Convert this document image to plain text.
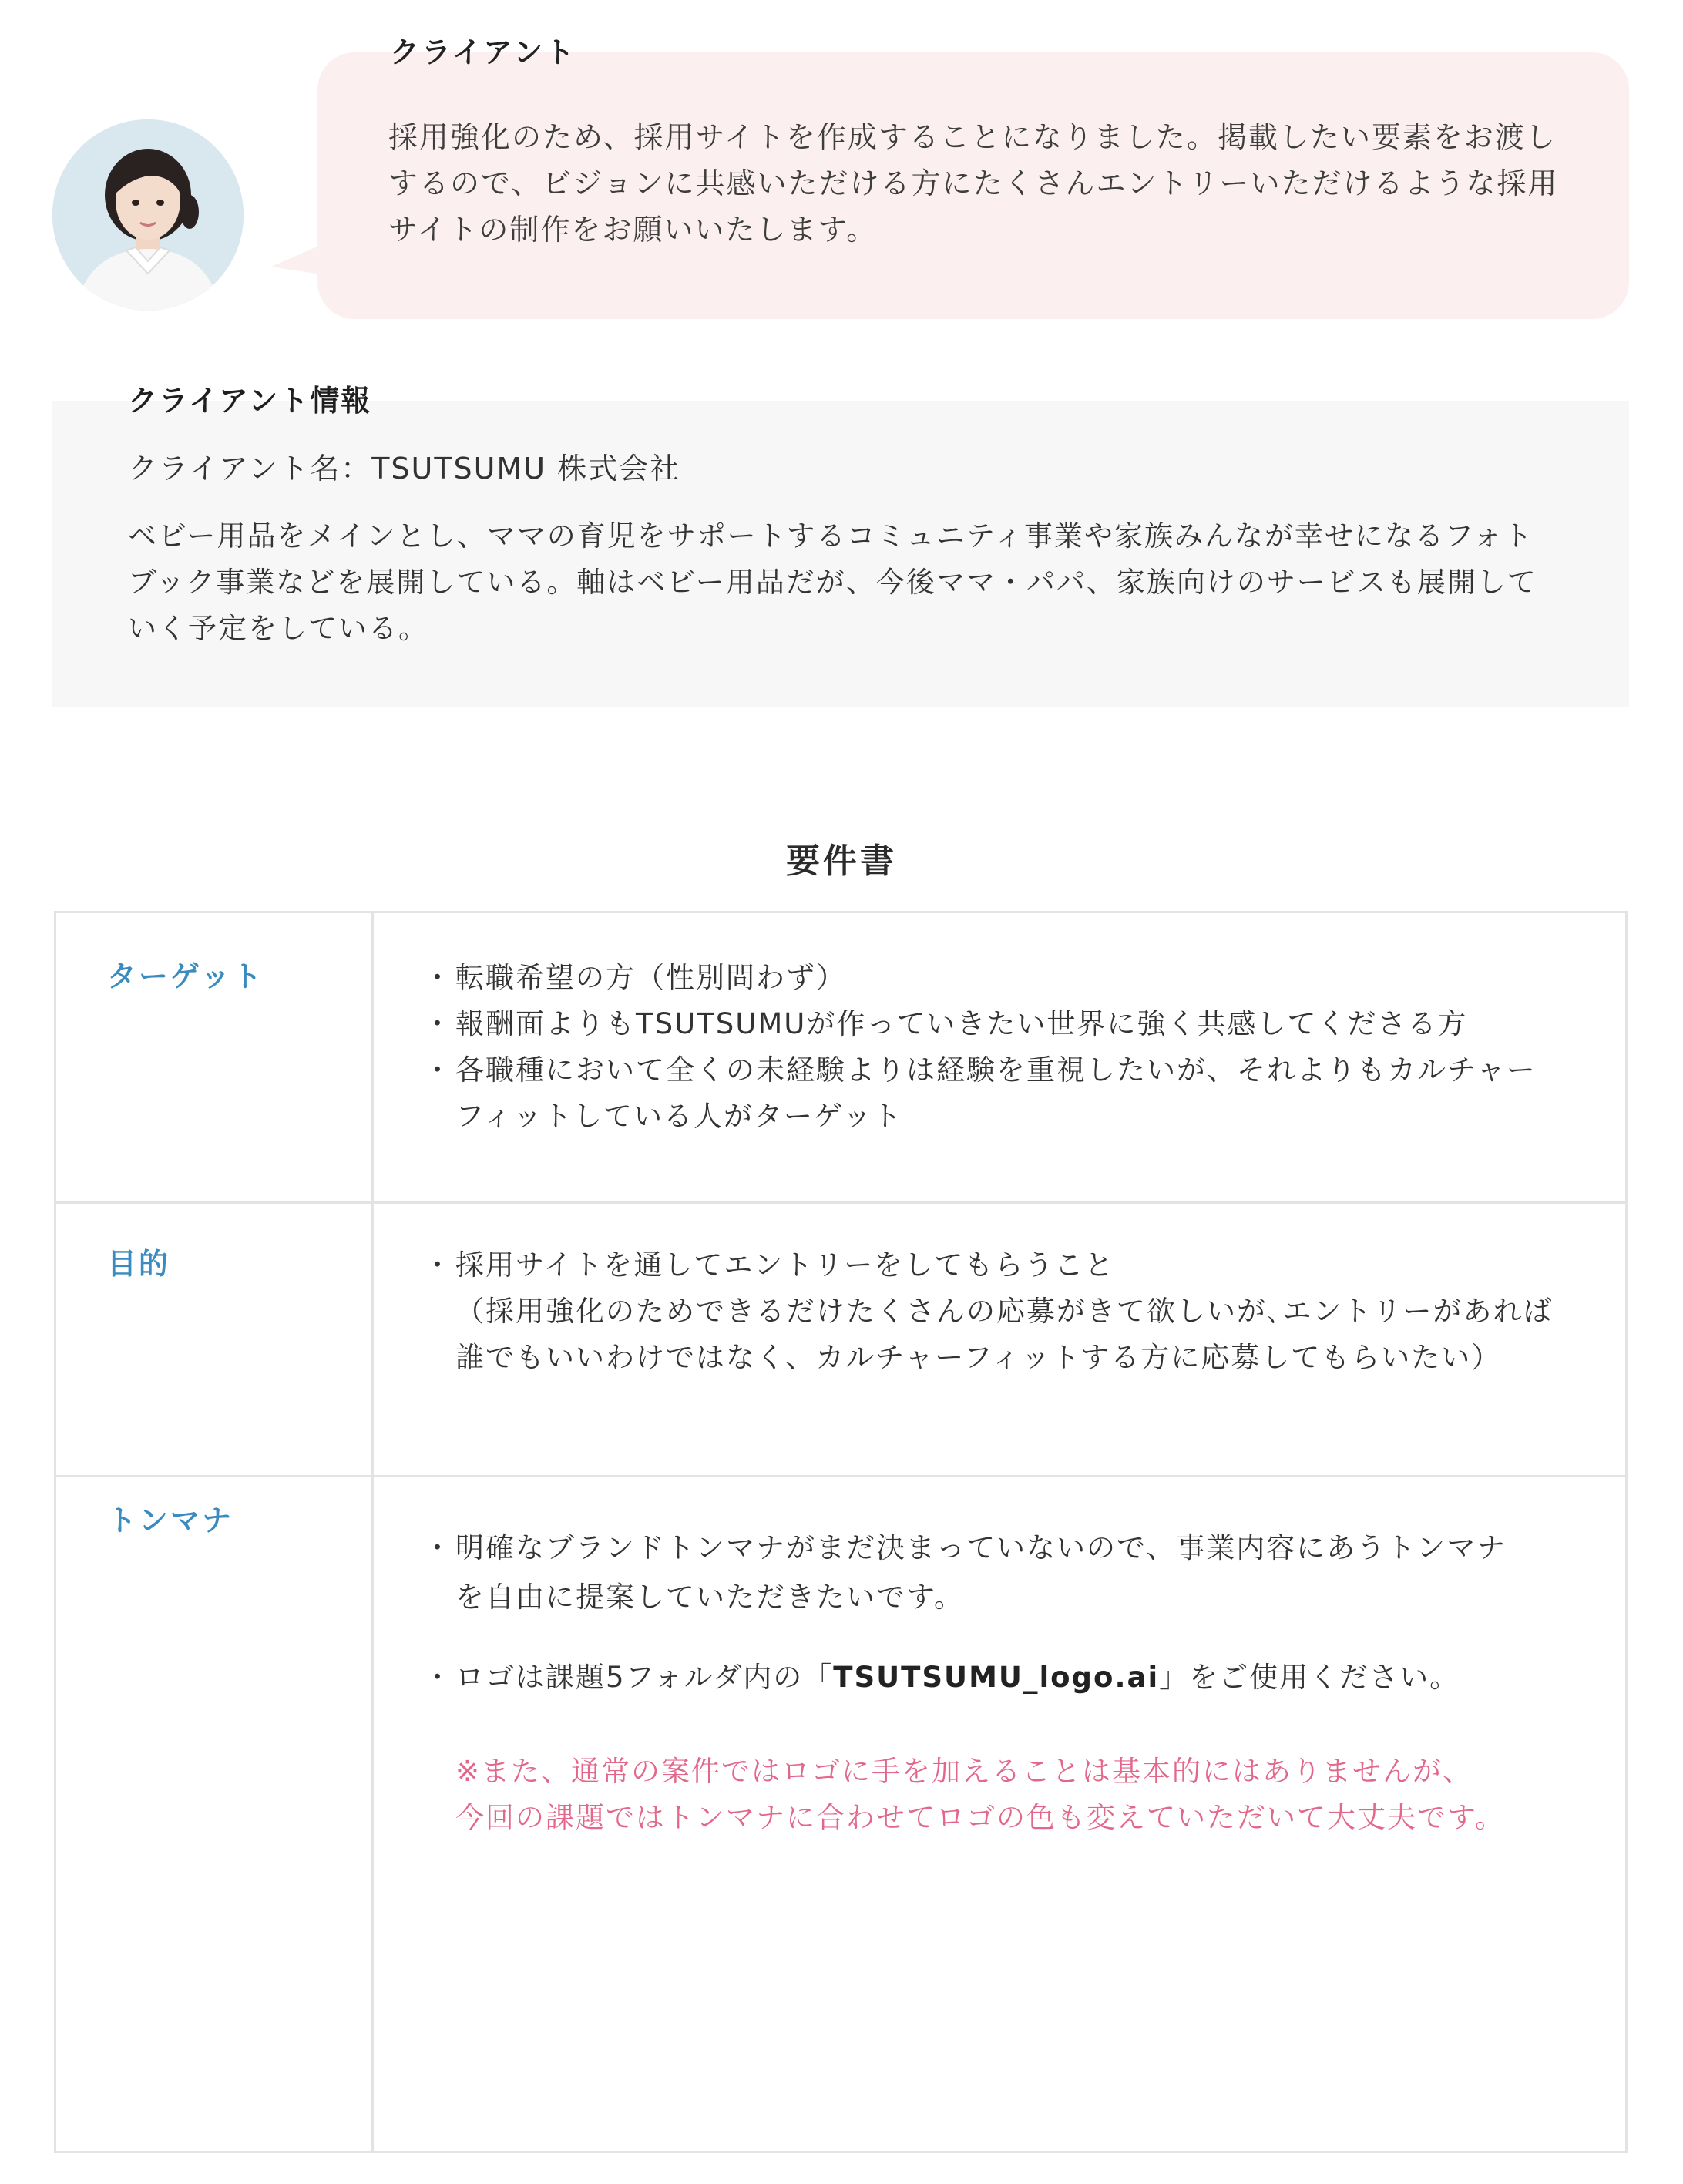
クライアント
採用強化のため、採用サイトを作成することになりました。掲載したい要素をお渡し
するので、ビジョンに共感いただける方にたくさんエントリーいただけるような採用
サイトの制作をお願いいたします。
クライアント情報
クライアント名：TSUTSUMU 株式会社
ベビー用品をメインとし、ママの育児をサポートするコミュニティ事業や家族みんなが幸せになるフォト
ブック事業などを展開している。軸はベビー用品だが、今後ママ・パパ、家族向けのサービスも展開して
いく予定をしている。
要件書
ターゲット	・ 転職希望の方（性別問わず）

・ 報酬面よりもTSUTSUMUが作っていきたい世界に強く共感してくださる方

・ 各職種において全くの未経験よりは経験を重視したいが、それよりもカルチャー

フィットしている人がターゲット

目的	・ 採用サイトを通してエントリーをしてもらうこと

（採用強化のためできるだけたくさんの応募がきて欲しいが､エントリーがあれば

誰でもいいわけではなく、カルチャーフィットする方に応募してもらいたい）

トンマナ

・ 明確なブランドトンマナがまだ決まっていないので、事業内容にあうトンマナ

を自由に提案していただきたいです。

・ ロゴは課題5フォルダ内の「TSUTSUMU_logo.ai」をご使用ください。

※また、通常の案件ではロゴに手を加えることは基本的にはありませんが、

今回の課題ではトンマナに合わせてロゴの色も変えていただいて大丈夫です。
